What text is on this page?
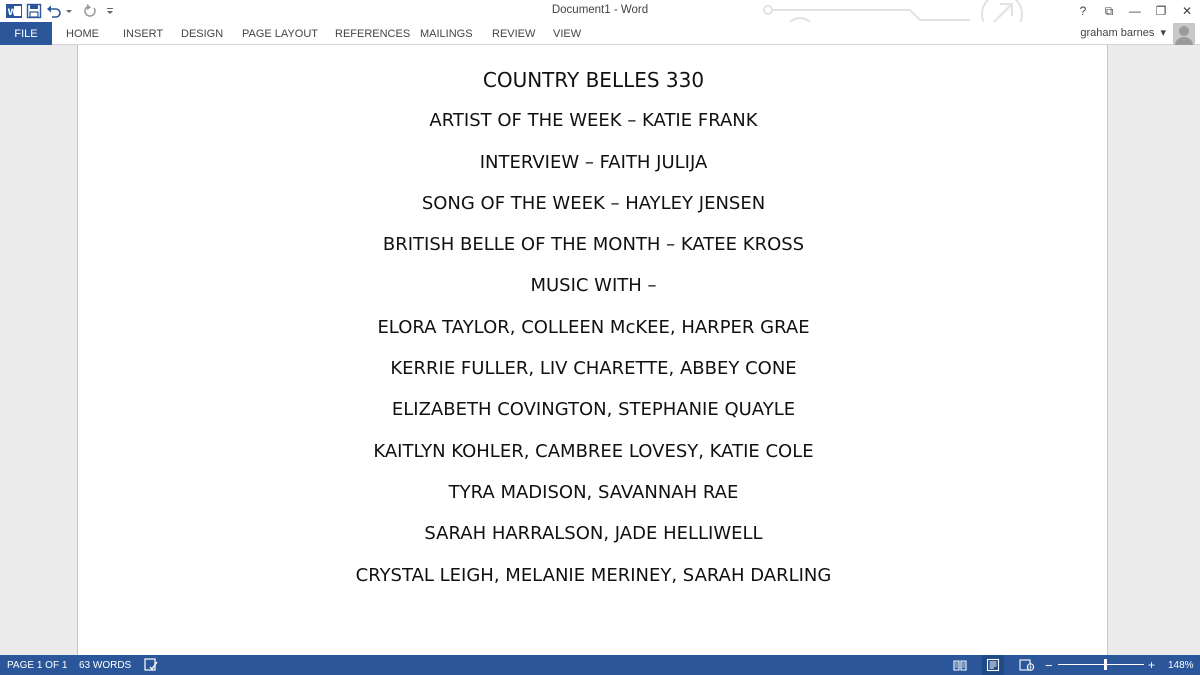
W	Document1 - Word	?	⧉	—	❐	✕
FILE	HOME INSERT DESIGN PAGE LAYOUT REFERENCES MAILINGS REVIEW VIEW	graham barnes ▾
COUNTRY BELLES 330
ARTIST OF THE WEEK – KATIE FRANK
INTERVIEW – FAITH JULIJA
SONG OF THE WEEK – HAYLEY JENSEN
BRITISH BELLE OF THE MONTH – KATEE KROSS
MUSIC WITH –
ELORA TAYLOR, COLLEEN McKEE, HARPER GRAE
KERRIE FULLER, LIV CHARETTE, ABBEY CONE
ELIZABETH COVINGTON, STEPHANIE QUAYLE
KAITLYN KOHLER, CAMBREE LOVESY, KATIE COLE
TYRA MADISON, SAVANNAH RAE
SARAH HARRALSON, JADE HELLIWELL
CRYSTAL LEIGH, MELANIE MERINEY, SARAH DARLING
PAGE 1 OF 1 63 WORDS	−	+ 148%
